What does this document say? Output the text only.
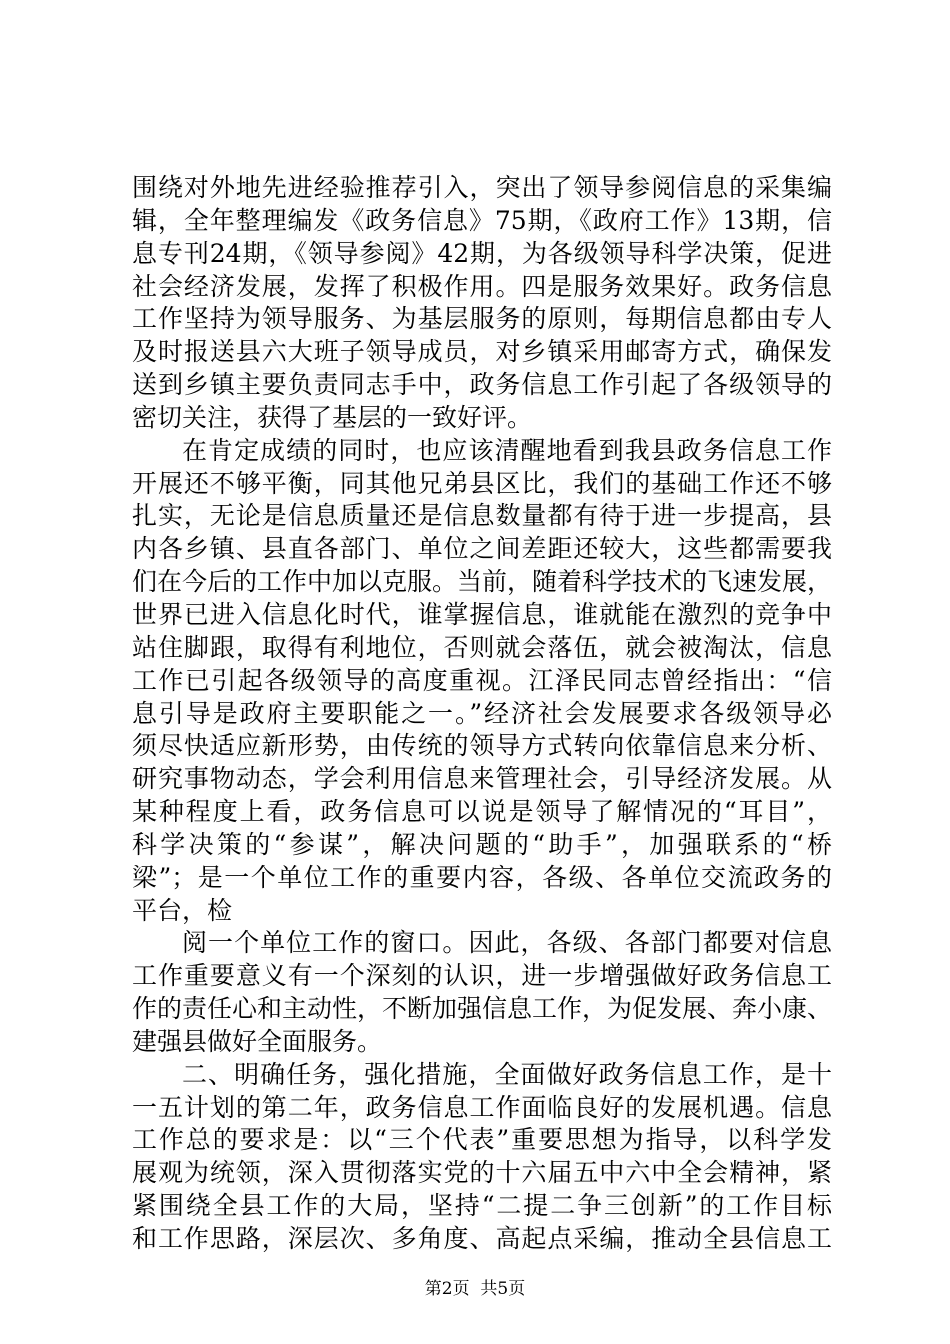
围绕对外地先进经验推荐引入，突出了领导参阅信息的采集编
辑，全年整理编发《政务信息》75期，《政府工作》13期，信
息专刊24期，《领导参阅》42期，为各级领导科学决策，促进
社会经济发展，发挥了积极作用。四是服务效果好。政务信息
工作坚持为领导服务、为基层服务的原则，每期信息都由专人
及时报送县六大班子领导成员，对乡镇采用邮寄方式，确保发
送到乡镇主要负责同志手中，政务信息工作引起了各级领导的
密切关注，获得了基层的一致好评。
在肯定成绩的同时，也应该清醒地看到我县政务信息工作
开展还不够平衡，同其他兄弟县区比，我们的基础工作还不够
扎实，无论是信息质量还是信息数量都有待于进一步提高，县
内各乡镇、县直各部门、单位之间差距还较大，这些都需要我
们在今后的工作中加以克服。当前，随着科学技术的飞速发展，
世界已进入信息化时代，谁掌握信息，谁就能在激烈的竞争中
站住脚跟，取得有利地位，否则就会落伍，就会被淘汰，信息
工作已引起各级领导的高度重视。江泽民同志曾经指出：“信
息引导是政府主要职能之一。”经济社会发展要求各级领导必
须尽快适应新形势，由传统的领导方式转向依靠信息来分析、
研究事物动态，学会利用信息来管理社会，引导经济发展。从
某种程度上看，政务信息可以说是领导了解情况的“耳目”，
科学决策的“参谋”，解决问题的“助手”，加强联系的“桥
梁”；是一个单位工作的重要内容，各级、各单位交流政务的
平台，检
阅一个单位工作的窗口。因此，各级、各部门都要对信息
工作重要意义有一个深刻的认识，进一步增强做好政务信息工
作的责任心和主动性，不断加强信息工作，为促发展、奔小康、
建强县做好全面服务。
二、明确任务，强化措施，全面做好政务信息工作，是十
一五计划的第二年，政务信息工作面临良好的发展机遇。信息
工作总的要求是：以“三个代表”重要思想为指导，以科学发
展观为统领，深入贯彻落实党的十六届五中六中全会精神，紧
紧围绕全县工作的大局，坚持“二提二争三创新”的工作目标
和工作思路，深层次、多角度、高起点采编，推动全县信息工
第2页  共5页
